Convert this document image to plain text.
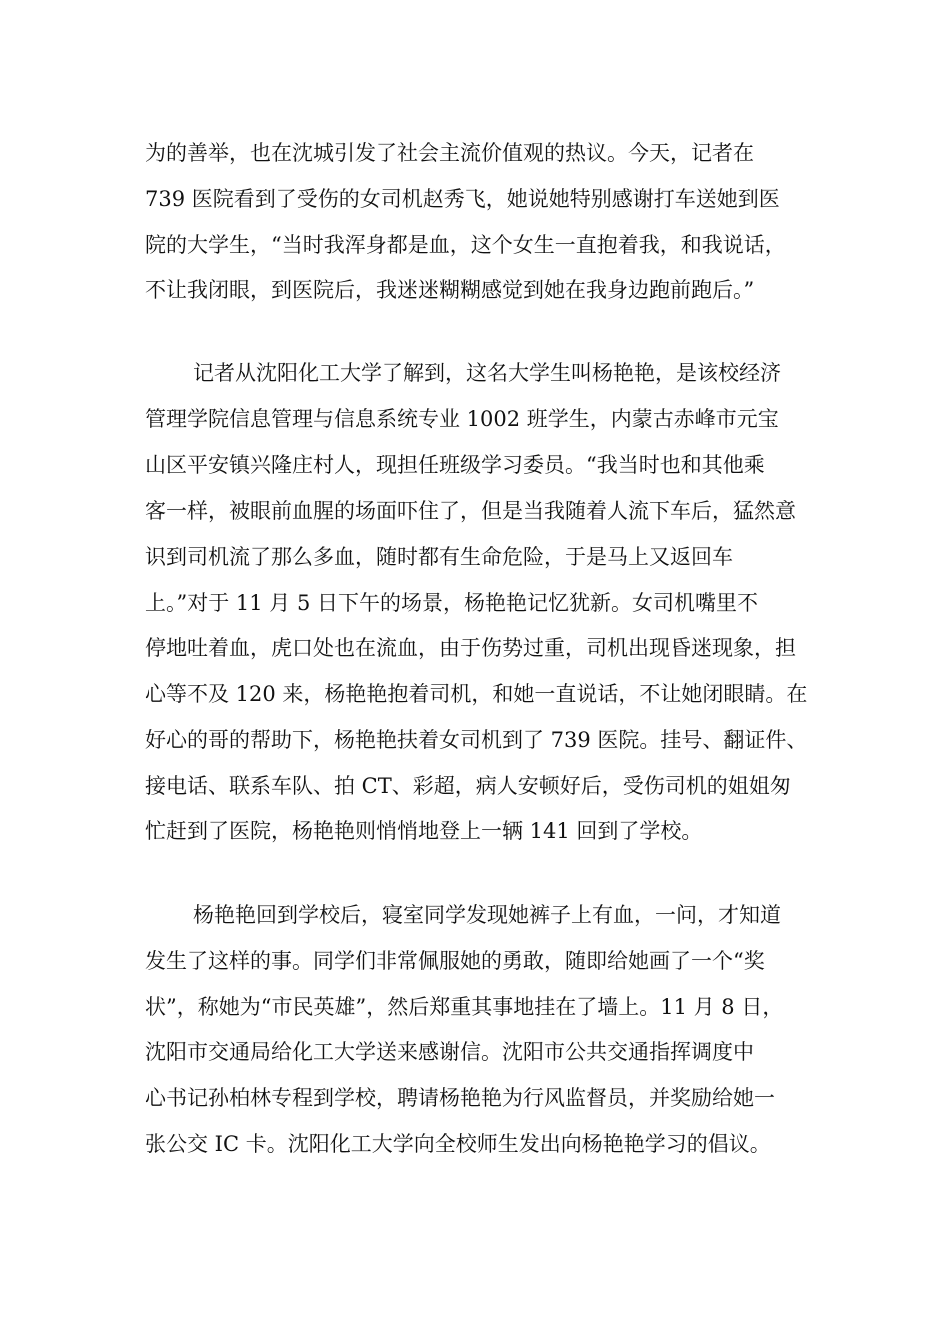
为的善举，也在沈城引发了社会主流价值观的热议。今天，记者在
739 医院看到了受伤的女司机赵秀飞，她说她特别感谢打车送她到医
院的大学生，“当时我浑身都是血，这个女生一直抱着我，和我说话，
不让我闭眼，到医院后，我迷迷糊糊感觉到她在我身边跑前跑后。”
记者从沈阳化工大学了解到，这名大学生叫杨艳艳，是该校经济
管理学院信息管理与信息系统专业 1002 班学生，内蒙古赤峰市元宝
山区平安镇兴隆庄村人，现担任班级学习委员。“我当时也和其他乘
客一样，被眼前血腥的场面吓住了，但是当我随着人流下车后，猛然意
识到司机流了那么多血，随时都有生命危险，于是马上又返回车
上。”对于 11 月 5 日下午的场景，杨艳艳记忆犹新。女司机嘴里不
停地吐着血，虎口处也在流血，由于伤势过重，司机出现昏迷现象，担
心等不及 120 来，杨艳艳抱着司机，和她一直说话，不让她闭眼睛。在
好心的哥的帮助下，杨艳艳扶着女司机到了 739 医院。挂号、翻证件、
接电话、联系车队、拍 CT、彩超，病人安顿好后，受伤司机的姐姐匆
忙赶到了医院，杨艳艳则悄悄地登上一辆 141 回到了学校。
杨艳艳回到学校后，寝室同学发现她裤子上有血，一问，才知道
发生了这样的事。同学们非常佩服她的勇敢，随即给她画了一个“奖
状”，称她为“市民英雄”，然后郑重其事地挂在了墙上。11 月 8 日，
沈阳市交通局给化工大学送来感谢信。沈阳市公共交通指挥调度中
心书记孙柏林专程到学校，聘请杨艳艳为行风监督员，并奖励给她一
张公交 IC 卡。沈阳化工大学向全校师生发出向杨艳艳学习的倡议。
